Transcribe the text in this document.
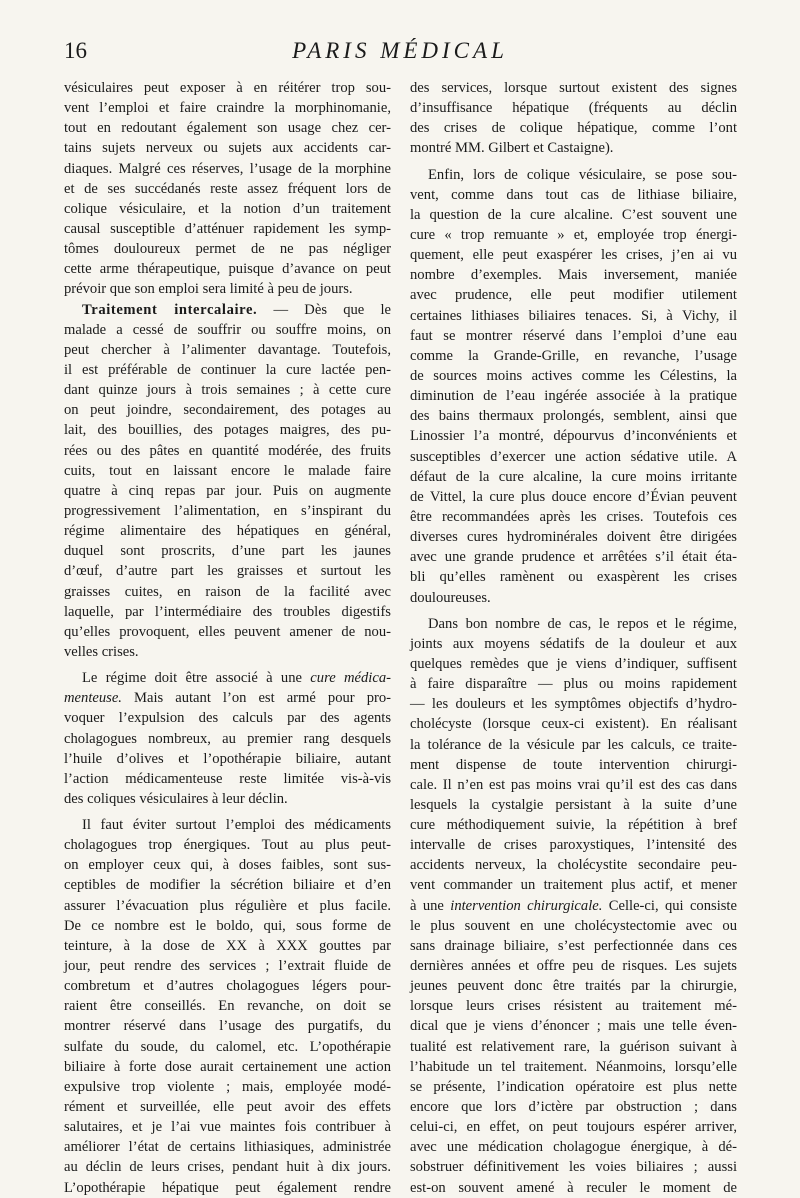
16	PARIS MÉDICAL
vésiculaires peut exposer à en réitérer trop sou-
vent l’emploi et faire craindre la morphinomanie,
tout en redoutant également son usage chez cer-
tains sujets nerveux ou sujets aux accidents car-
diaques. Malgré ces réserves, l’usage de la morphine
et de ses succédanés reste assez fréquent lors de
colique vésiculaire, et la notion d’un traitement
causal susceptible d’atténuer rapidement les symp-
tômes douloureux permet de ne pas négliger
cette arme thérapeutique, puisque d’avance on peut
prévoir que son emploi sera limité à peu de jours.
Traitement intercalaire. — Dès que le
malade a cessé de souffrir ou souffre moins, on
peut chercher à l’alimenter davantage. Toutefois,
il est préférable de continuer la cure lactée pen-
dant quinze jours à trois semaines ; à cette cure
on peut joindre, secondairement, des potages au
lait, des bouillies, des potages maigres, des pu-
rées ou des pâtes en quantité modérée, des fruits
cuits, tout en laissant encore le malade faire
quatre à cinq repas par jour. Puis on augmente
progressivement l’alimentation, en s’inspirant du
régime alimentaire des hépatiques en général,
duquel sont proscrits, d’une part les jaunes
d’œuf, d’autre part les graisses et surtout les
graisses cuites, en raison de la facilité avec
laquelle, par l’intermédiaire des troubles digestifs
qu’elles provoquent, elles peuvent amener de nou-
velles crises.
Le régime doit être associé à une cure médica-
menteuse. Mais autant l’on est armé pour pro-
voquer l’expulsion des calculs par des agents
cholagogues nombreux, au premier rang desquels
l’huile d’olives et l’opothérapie biliaire, autant
l’action médicamenteuse reste limitée vis-à-vis
des coliques vésiculaires à leur déclin.
Il faut éviter surtout l’emploi des médicaments
cholagogues trop énergiques. Tout au plus peut-
on employer ceux qui, à doses faibles, sont sus-
ceptibles de modifier la sécrétion biliaire et d’en
assurer l’évacuation plus régulière et plus facile.
De ce nombre est le boldo, qui, sous forme de
teinture, à la dose de XX à XXX gouttes par
jour, peut rendre des services ; l’extrait fluide de
combretum et d’autres cholagogues légers pour-
raient être conseillés. En revanche, on doit se
montrer réservé dans l’usage des purgatifs, du
sulfate du soude, du calomel, etc. L’opothérapie
biliaire à forte dose aurait certainement une action
expulsive trop violente ; mais, employée modé-
rément et surveillée, elle peut avoir des effets
salutaires, et je l’ai vue maintes fois contribuer à
améliorer l’état de certains lithiasiques, administrée
au déclin de leurs crises, pendant huit à dix jours.
L’opothérapie hépatique peut également rendre
des services, lorsque surtout existent des signes
d’insuffisance hépatique (fréquents au déclin
des crises de colique hépatique, comme l’ont
montré MM. Gilbert et Castaigne).
Enfin, lors de colique vésiculaire, se pose sou-
vent, comme dans tout cas de lithiase biliaire,
la question de la cure alcaline. C’est souvent une
cure « trop remuante » et, employée trop énergi-
quement, elle peut exaspérer les crises, j’en ai vu
nombre d’exemples. Mais inversement, maniée
avec prudence, elle peut modifier utilement
certaines lithiases biliaires tenaces. Si, à Vichy, il
faut se montrer réservé dans l’emploi d’une eau
comme la Grande-Grille, en revanche, l’usage
de sources moins actives comme les Célestins, la
diminution de l’eau ingérée associée à la pratique
des bains thermaux prolongés, semblent, ainsi que
Linossier l’a montré, dépourvus d’inconvénients et
susceptibles d’exercer une action sédative utile. A
défaut de la cure alcaline, la cure moins irritante
de Vittel, la cure plus douce encore d’Évian peuvent
être recommandées après les crises. Toutefois ces
diverses cures hydrominérales doivent être dirigées
avec une grande prudence et arrêtées s’il était éta-
bli qu’elles ramènent ou exaspèrent les crises
douloureuses.
Dans bon nombre de cas, le repos et le régime,
joints aux moyens sédatifs de la douleur et aux
quelques remèdes que je viens d’indiquer, suffisent
à faire disparaître — plus ou moins rapidement
— les douleurs et les symptômes objectifs d’hydro-
cholécyste (lorsque ceux-ci existent). En réalisant
la tolérance de la vésicule par les calculs, ce traite-
ment dispense de toute intervention chirurgi-
cale. Il n’en est pas moins vrai qu’il est des cas dans
lesquels la cystalgie persistant à la suite d’une
cure méthodiquement suivie, la répétition à bref
intervalle de crises paroxystiques, l’intensité des
accidents nerveux, la cholécystite secondaire peu-
vent commander un traitement plus actif, et mener
à une intervention chirurgicale. Celle-ci, qui consiste
le plus souvent en une cholécystectomie avec ou
sans drainage biliaire, s’est perfectionnée dans ces
dernières années et offre peu de risques. Les sujets
jeunes peuvent donc être traités par la chirurgie,
lorsque leurs crises résistent au traitement mé-
dical que je viens d’énoncer ; mais une telle éven-
tualité est relativement rare, la guérison suivant à
l’habitude un tel traitement. Néanmoins, lorsqu’elle
se présente, l’indication opératoire est plus nette
encore que lors d’ictère par obstruction ; dans
celui-ci, en effet, on peut toujours espérer arriver,
avec une médication cholagogue énergique, à dé-
sobstruer définitivement les voies biliaires ; aussi
est-on souvent amené à reculer le moment de
